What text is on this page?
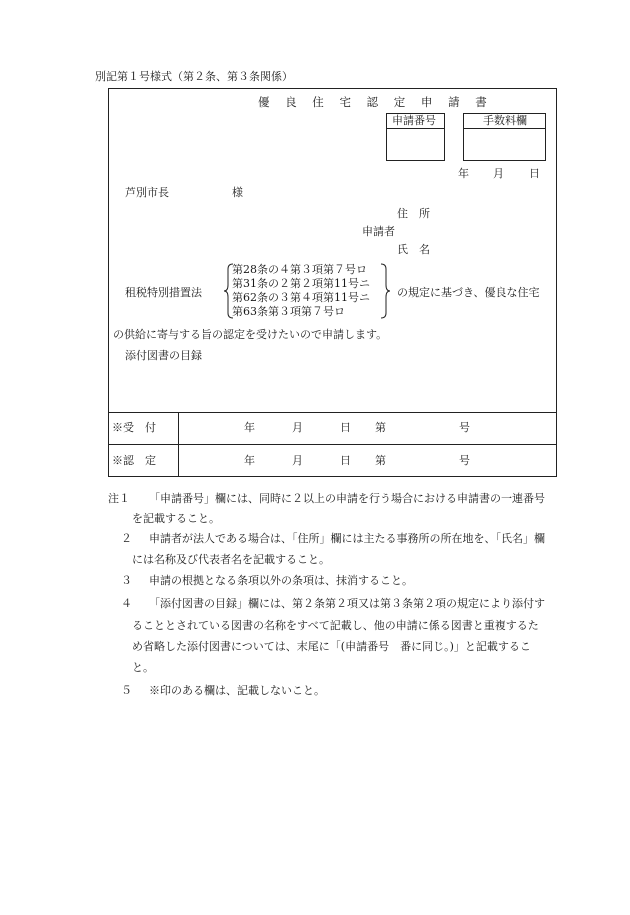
別記第１号様式（第２条、第３条関係）
優 良 住 宅 認 定 申 請 書
申請番号	手数料欄
年 月 日
芦別市長	様
住　所
申請者
氏　名
租税特別措置法
第28条の４第３項第７号ロ
第31条の２第２項第11号ニ
第62条の３第４項第11号ニ
第63条第３項第７号ロ
の規定に基づき、優良な住宅
の供給に寄与する旨の認定を受けたいので申請します。
添付図書の目録
※受　付	年	月	日 第	号
※認　定	年	月	日 第	号
注１ 「申請番号」欄には、同時に２以上の申請を行う場合における申請書の一連番号
を記載すること。
２ 申請者が法人である場合は、「住所」欄には主たる事務所の所在地を、「氏名」欄
には名称及び代表者名を記載すること。
３ 申請の根拠となる条項以外の条項は、抹消すること。
４ 「添付図書の目録」欄には、第２条第２項又は第３条第２項の規定により添付す
ることとされている図書の名称をすべて記載し、他の申請に係る図書と重複するた
め省略した添付図書については、末尾に「(申請番号　番に同じ。)」と記載するこ
と。
５ ※印のある欄は、記載しないこと。
